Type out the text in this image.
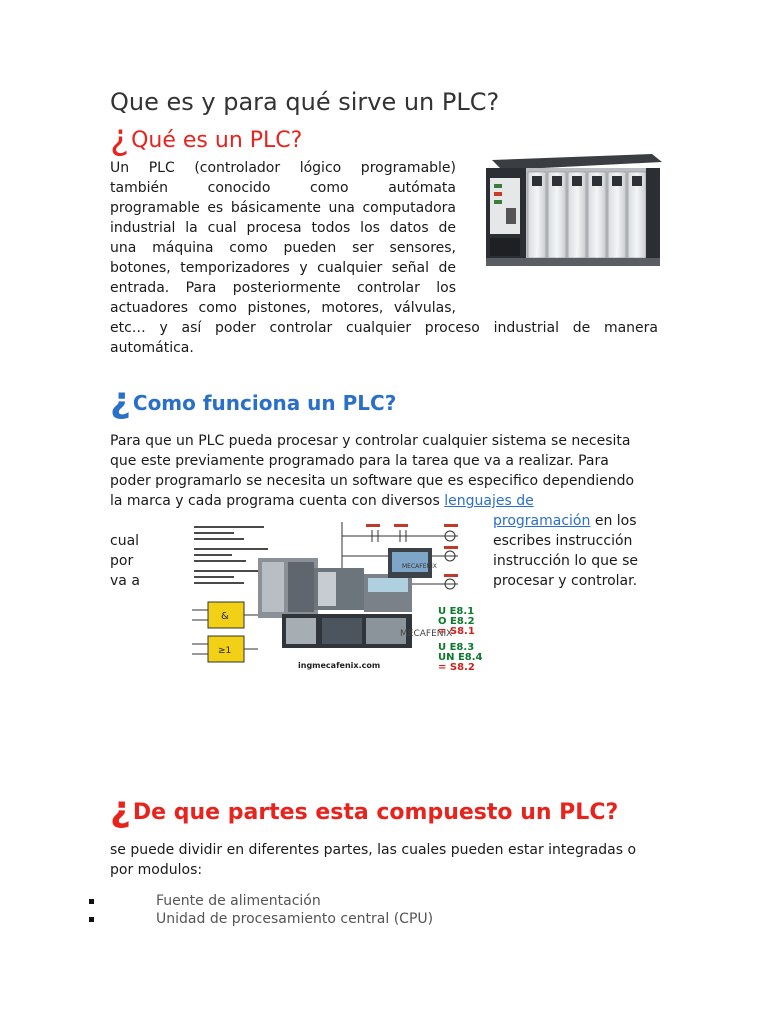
Que es y para qué sirve un PLC?
¿Qué es un PLC?
Un PLC (controlador lógico programable)
también conocido como autómata
programable es básicamente una computadora
industrial la cual procesa todos los datos de
una máquina como pueden ser sensores,
botones, temporizadores y cualquier señal de
entrada. Para posteriormente controlar los
actuadores como pistones, motores, válvulas,
etc… y así poder controlar cualquier proceso industrial de manera
automática.
¿ Como funciona un PLC?
Para que un PLC pueda procesar y controlar cualquier sistema se necesita
que este previamente programado para la tarea que va a realizar. Para
poder programarlo se necesita un software que es especifico dependiendo
la marca y cada programa cuenta con diversos lenguajes de
programación en los
cual
por
va a
escribes instrucción
instrucción lo que se
procesar y controlar.
&
≥1
MECAFENIX
MECAFENIX
U E8.1
O E8.2
= S8.1
U E8.3
UN E8.4
= S8.2
ingmecafenix.com
¿De que partes esta compuesto un PLC?
se puede dividir en diferentes partes, las cuales pueden estar integradas o
por modulos:
Fuente de alimentación
Unidad de procesamiento central (CPU)
